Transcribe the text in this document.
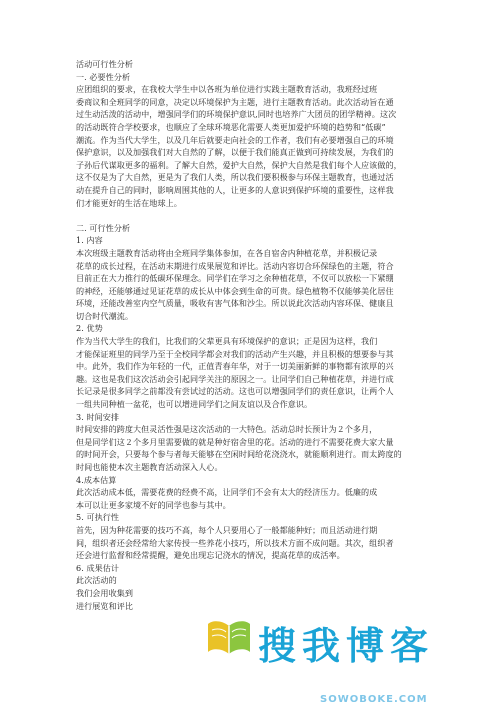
活动可行性分析
一. 必要性分析
应团组织的要求，在我校大学生中以各班为单位进行实践主题教育活动，我班经过班
委商议和全班同学的同意，决定以环境保护为主题，进行主题教育活动。此次活动旨在通
过生动活泼的活动中，增强同学们的环境保护意识,同时也培养广大团员的团学精神。这次
的活动既符合学校要求，也顺应了全球环境恶化需要人类更加爱护环境的趋势和“低碳”
潮流。作为当代大学生，以及几年后就要走向社会的工作者，我们有必要增强自己的环境
保护意识，以及加强我们对大自然的了解，以便于我们能真正做到可持续发展，为我们的
子孙后代谋取更多的福利。了解大自然，爱护大自然，保护大自然是我们每个人应该做的，
这不仅是为了大自然，更是为了我们人类，所以我们要积极参与环保主题教育，也通过活
动在提升自己的同时，影响周围其他的人，让更多的人意识到保护环境的重要性，这样我
们才能更好的生活在地球上。
二. 可行性分析
1. 内容
本次班级主题教育活动将由全班同学集体参加，在各自宿舍内种植花草，并积极记录
花草的成长过程，在活动末期进行成果展览和评比。活动内容切合环保绿色的主题，符合
目前正在大力推行的低碳环保理念。同学们在学习之余种植花草，不仅可以放松一下紧绷
的神经，还能够通过见证花草的成长从中体会到生命的可贵。绿色植物不仅能够美化居住
环境，还能改善室内空气质量，吸收有害气体和沙尘。所以说此次活动内容环保、健康且
切合时代潮流。
2. 优势
作为当代大学生的我们，比我们的父辈更具有环境保护的意识；正是因为这样，我们
才能保证班里的同学乃至于全校同学都会对我们的活动产生兴趣，并且积极的想要参与其
中。此外，我们作为年轻的一代，正值青春年华，对于一切美丽新鲜的事物都有浓厚的兴
趣。这也是我们这次活动会引起同学关注的原因之一。让同学们自己种植花草，并进行成
长记录是很多同学之前都没有尝试过的活动。这也可以增强同学们的责任意识，让两个人
一组共同种植一盆花，也可以增进同学们之间友谊以及合作意识。
3. 时间安排
时间安排的跨度大但灵活性强是这次活动的一大特色。活动总时长预计为２个多月，
但是同学们这２个多月里需要做的就是种好宿舍里的花。活动的进行不需要花费大家大量
的时间开会，只要每个参与者每天能够在空闲时间给花浇浇水，就能顺利进行。而太跨度的
时间也能使本次主题教育活动深入人心。
4.成本估算
此次活动成本低，需要花费的经费不高，让同学们不会有太大的经济压力。低廉的成
本可以让更多家境不好的同学也参与其中。
5. 可执行性
首先，因为种花需要的技巧不高，每个人只要用心了一般都能种好；而且活动进行期
间，组织者还会经常给大家传授一些养花小技巧，所以技术方面不成问题。其次，组织者
还会进行监督和经常提醒，避免出现忘记浇水的情况，提高花草的成活率。
6. 成果估计
此次活动的
我们会用收集到
进行展览和评比
搜我博客
SOWOBOKE.COM
